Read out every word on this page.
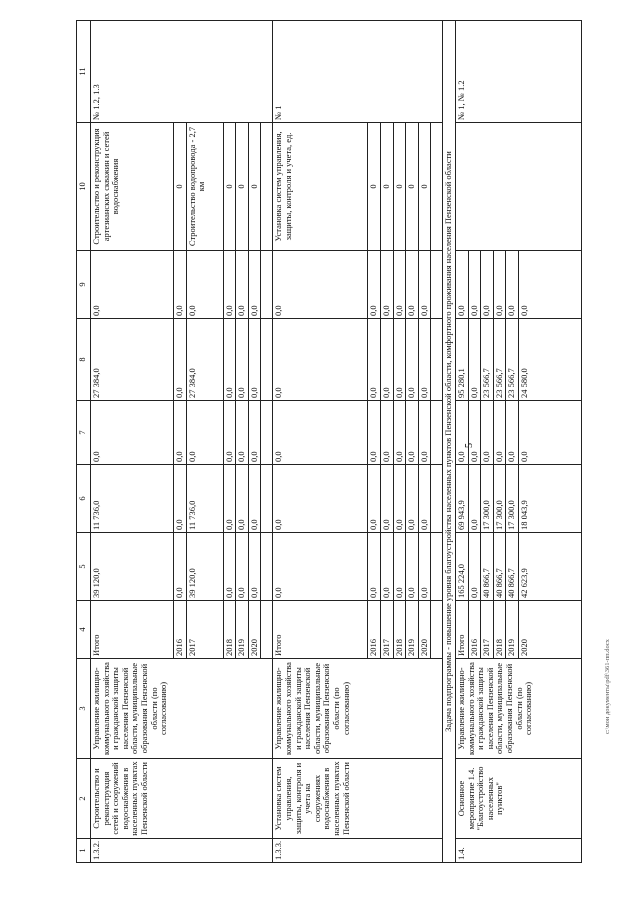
5
1	2	3	4	5	6	7	8	9	10	11
1.3.2.	Строительство и реконструкция сетей и сооружений водоснабжения в населенных пунктах Пензенской области	Управление жилищно-коммунального хозяйства и гражданской защиты населения Пензенской области, муниципальные образования Пензенской области (по согласованию)	Итого	39 120,0	11 736,0	0,0	27 384,0	0,0	Строительство и реконструкция артезианских скважин и сетей водоснабжения	№ 1.2, 1.3
			2016	0,0	0,0	0,0	0,0	0,0	0	
			2017	39 120,0	11 736,0	0,0	27 384,0	0,0	Строительство водопровода - 2,7 км	
			2018	0,0	0,0	0,0	0,0	0,0	0	
			2019	0,0	0,0	0,0	0,0	0,0	0	
			2020	0,0	0,0	0,0	0,0	0,0	0	

1.3.3.	Установка систем управления, защиты, контроля и учета на сооружениях водоснабжения в населенных пунктах Пензенской области	Управление жилищно-коммунального хозяйства и гражданской защиты населения Пензенской области, муниципальные образования Пензенской области (по согласованию)	Итого	0,0	0,0	0,0	0,0	0,0	Установка систем управления, защиты, контроля и учета, ед.	№ 1
			2016	0,0	0,0	0,0	0,0	0,0	0	
			2017	0,0	0,0	0,0	0,0	0,0	0	
			2018	0,0	0,0	0,0	0,0	0,0	0	
			2019	0,0	0,0	0,0	0,0	0,0	0	
			2020	0,0	0,0	0,0	0,0	0,0	0	

Задача подпрограммы - повышение уровня благоустройства населенных пунктов Пензенской области, комфортного проживания населения Пензенской области										
1.4.	Основное мероприятие 1.4. "Благоустройство населенных пунктов"	Управление жилищно-коммунального хозяйства и гражданской защиты населения Пензенской области, муниципальные образования Пензенской области (по согласованию)	Итого	165 224,0	69 943,9	0,0	95 280,1	0,0		№ 1, № 1.2
			2016	0,0	0,0	0,0	0,0	0,0		
			2017	40 866,7	17 300,0	0,0	23 566,7	0,0		
			2018	40 866,7	17 300,0	0,0	23 566,7	0,0		
			2019	40 866,7	17 300,0	0,0	23 566,7	0,0		
			2020	42 623,9	18 043,9	0,0	24 580,0	0,0		
c:\мои документы\pdf\361-пп.docx
